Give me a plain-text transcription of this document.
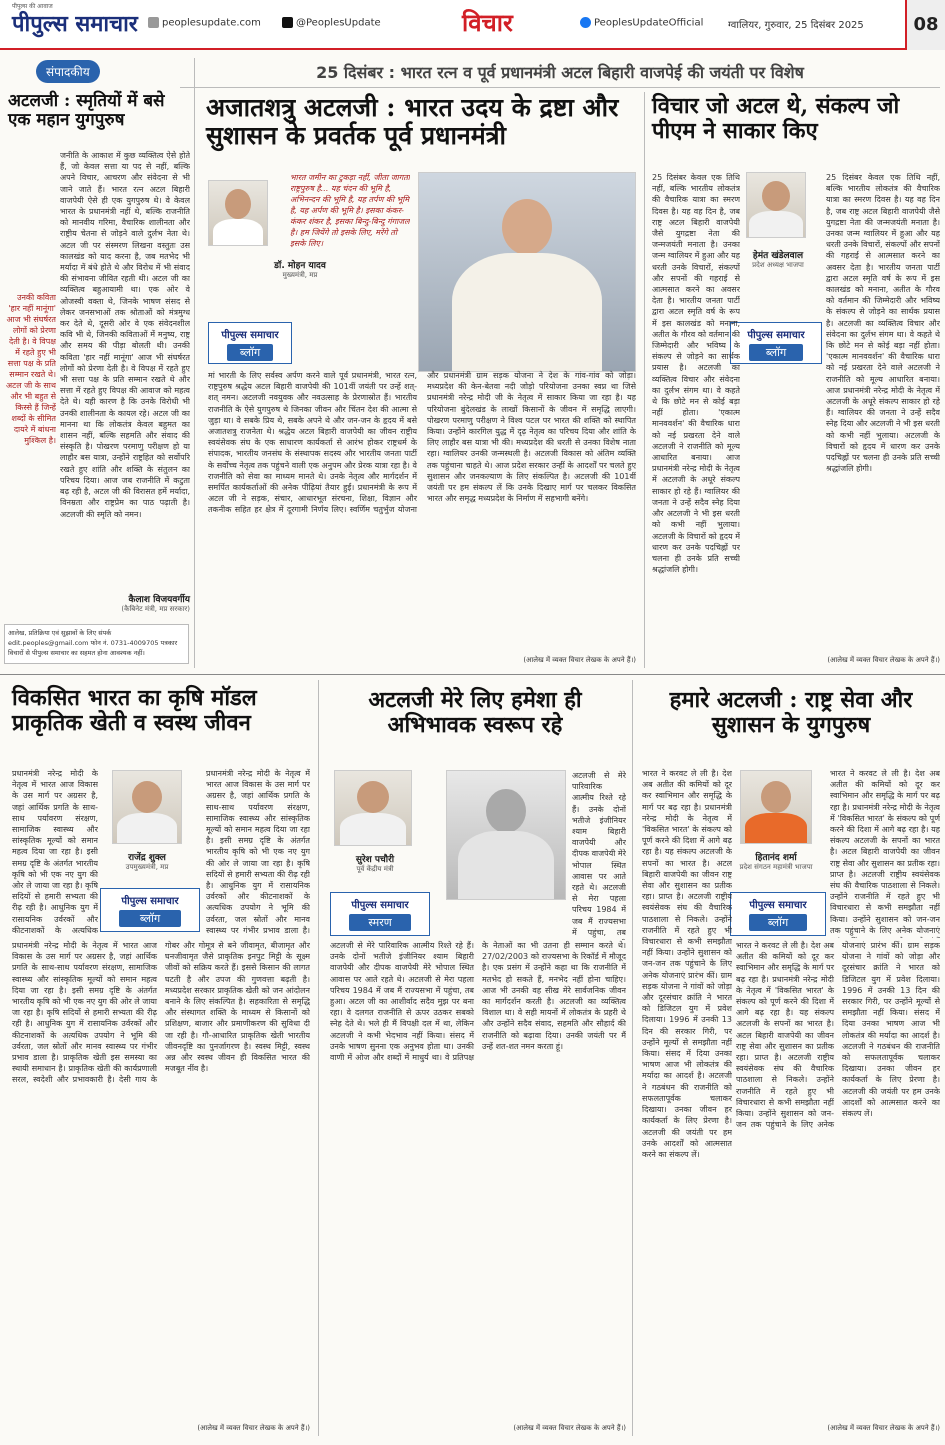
पीपुल्स की आवाज
पीपुल्स समाचार	peoplesupdate.com	@PeoplesUpdate	विचार	PeoplesUpdateOfficial ग्वालियर, गुरुवार, 25 दिसंबर 2025	08
संपादकीय	25 दिसंबर : भारत रत्न व पूर्व प्रधानमंत्री अटल बिहारी वाजपेई की जयंती पर विशेष
अटलजी : स्मृतियों में बसे एक महान युगपुरुष
उनकी कविता 'हार नहीं मानूंगा' आज भी संघर्षरत लोगों को प्रेरणा देती है। वे विपक्ष में रहते हुए भी सत्ता पक्ष के प्रति सम्मान रखते थे। अटल जी के साथ और भी बहुत से किस्से हैं जिन्हें शब्दों के सीमित दायरे में बांधना मुश्किल है।
जनीति के आकाश में कुछ व्यक्तित्व ऐसे होते हैं, जो केवल सत्ता या पद से नहीं, बल्कि अपने विचार, आचरण और संवेदना से भी जाने जाते हैं। भारत रत्न अटल बिहारी वाजपेयी ऐसे ही एक युगपुरुष थे। वे केवल भारत के प्रधानमंत्री नहीं थे, बल्कि राजनीति को मानवीय गरिमा, वैचारिक शालीनता और राष्ट्रीय चेतना से जोड़ने वाले दुर्लभ नेता थे। अटल जी पर संस्मरण लिखना वस्तुतः उस कालखंड को याद करना है, जब मतभेद भी मर्यादा में बंधे होते थे और विरोध में भी संवाद की संभावना जीवित रहती थी। अटल जी का व्यक्तित्व बहुआयामी था। एक ओर वे ओजस्वी वक्ता थे, जिनके भाषण संसद से लेकर जनसभाओं तक श्रोताओं को मंत्रमुग्ध कर देते थे, दूसरी ओर वे एक संवेदनशील कवि भी थे, जिनकी कविताओं में मनुष्य, राष्ट्र और समय की पीड़ा बोलती थी। उनकी कविता 'हार नहीं मानूंगा' आज भी संघर्षरत लोगों को प्रेरणा देती है। वे विपक्ष में रहते हुए भी सत्ता पक्ष के प्रति सम्मान रखते थे और सत्ता में रहते हुए विपक्ष की आवाज को महत्व देते थे। यही कारण है कि उनके विरोधी भी उनकी शालीनता के कायल रहे। अटल जी का मानना था कि लोकतंत्र केवल बहुमत का शासन नहीं, बल्कि सहमति और संवाद की संस्कृति है। पोखरण परमाणु परीक्षण हो या लाहौर बस यात्रा, उन्होंने राष्ट्रहित को सर्वोपरि रखते हुए शांति और शक्ति के संतुलन का परिचय दिया। आज जब राजनीति में कटुता बढ़ रही है, अटल जी की विरासत हमें मर्यादा, विनम्रता और राष्ट्रप्रेम का पाठ पढ़ाती है। अटलजी की स्मृति को नमन।
कैलाश विजयवर्गीय
(कैबिनेट मंत्री, मप्र सरकार)
आलेख, प्रतिक्रिया एवं सुझावों के लिए संपर्क edit.peoples@gmail.com फोन नं. 0731-4009705 पत्रकार विचारों से पीपुल्स समाचार का सहमत होना आवश्यक नहीं।
अजातशत्रु अटलजी : भारत उदय के द्रष्टा और सुशासन के प्रवर्तक पूर्व प्रधानमंत्री
डॉ. मोहन यादव
मुख्यमंत्री, मप्र
भारत जमीन का टुकड़ा नहीं, जीता जागता राष्ट्रपुरुष है... यह चंदन की भूमि है, अभिनन्दन की भूमि है, यह तर्पण की भूमि है, यह अर्पण की भूमि है। इसका कंकर-कंकर शंकर है, इसका बिन्दु-बिन्दु गंगाजल है। हम जियेंगे तो इसके लिए, मरेंगे तो इसके लिए।
पीपुल्स समाचार
ब्लॉग
मां भारती के लिए सर्वस्व अर्पण करने वाले पूर्व प्रधानमंत्री, भारत रत्न, राष्ट्रपुरुष श्रद्धेय अटल बिहारी वाजपेयी की 101वीं जयंती पर उन्हें शत्-शत् नमन। अटलजी नवयुवक और नवउत्साह के प्रेरणास्रोत हैं। भारतीय राजनीति के ऐसे युगपुरुष थे जिनका जीवन और चिंतन देश की आत्मा से जुड़ा था। वे सबके प्रिय थे, सबके अपने थे और जन-जन के हृदय में बसे अजातशत्रु राजनेता थे। श्रद्धेय अटल बिहारी वाजपेयी का जीवन राष्ट्रीय स्वयंसेवक संघ के एक साधारण कार्यकर्ता से आरंभ होकर राष्ट्रधर्म के संपादक, भारतीय जनसंघ के संस्थापक सदस्य और भारतीय जनता पार्टी के सर्वोच्च नेतृत्व तक पहुंचने वाली एक अनुपम और प्रेरक यात्रा रहा है। वे राजनीति को सेवा का माध्यम मानते थे। उनके नेतृत्व और मार्गदर्शन में समर्पित कार्यकर्ताओं की अनेक पीढ़ियां तैयार हुईं। प्रधानमंत्री के रूप में अटल जी ने सड़क, संचार, आधारभूत संरचना, शिक्षा, विज्ञान और तकनीक सहित हर क्षेत्र में दूरगामी निर्णय लिए। स्वर्णिम चतुर्भुज योजना और प्रधानमंत्री ग्राम सड़क योजना ने देश के गांव-गांव को जोड़ा। मध्यप्रदेश की केन-बेतवा नदी जोड़ो परियोजना उनका स्वप्न था जिसे प्रधानमंत्री नरेन्द्र मोदी जी के नेतृत्व में साकार किया जा रहा है। यह परियोजना बुंदेलखंड के लाखों किसानों के जीवन में समृद्धि लाएगी। पोखरण परमाणु परीक्षण ने विश्व पटल पर भारत की शक्ति को स्थापित किया। उन्होंने कारगिल युद्ध में दृढ़ नेतृत्व का परिचय दिया और शांति के लिए लाहौर बस यात्रा भी की। मध्यप्रदेश की धरती से उनका विशेष नाता रहा। ग्वालियर उनकी जन्मस्थली है। अटलजी विकास को अंतिम व्यक्ति तक पहुंचाना चाहते थे। आज प्रदेश सरकार उन्हीं के आदर्शों पर चलते हुए सुशासन और जनकल्याण के लिए संकल्पित है। अटलजी की 101वीं जयंती पर हम संकल्प लें कि उनके दिखाए मार्ग पर चलकर विकसित भारत और समृद्ध मध्यप्रदेश के निर्माण में सहभागी बनेंगे।
(आलेख में व्यक्त विचार लेखक के अपने हैं।)
विचार जो अटल थे, संकल्प जो पीएम ने साकार किए
हेमंत खंडेलवाल
प्रदेश अध्यक्ष भाजपा
पीपुल्स समाचार
ब्लॉग
25 दिसंबर केवल एक तिथि नहीं, बल्कि भारतीय लोकतंत्र की वैचारिक यात्रा का स्मरण दिवस है। यह वह दिन है, जब राष्ट्र अटल बिहारी वाजपेयी जैसे युगद्रष्टा नेता की जन्मजयंती मनाता है। उनका जन्म ग्वालियर में हुआ और यह धरती उनके विचारों, संकल्पों और सपनों की गहराई से आत्मसात करने का अवसर देता है। भारतीय जनता पार्टी द्वारा अटल स्मृति वर्ष के रूप में इस कालखंड को मनाना, अतीत के गौरव को वर्तमान की जिम्मेदारी और भविष्य के संकल्प से जोड़ने का सार्थक प्रयास है। अटलजी का व्यक्तित्व विचार और संवेदना का दुर्लभ संगम था। वे कहते थे कि छोटे मन से कोई बड़ा नहीं होता। 'एकात्म मानववर्शन' की वैचारिक धारा को नई प्रखरता देने वाले अटलजी ने राजनीति को मूल्य आधारित बनाया। आज प्रधानमंत्री नरेन्द्र मोदी के नेतृत्व में अटलजी के अधूरे संकल्प साकार हो रहे हैं। ग्वालियर की जनता ने उन्हें सदैव स्नेह दिया और अटलजी ने भी इस धरती को कभी नहीं भुलाया। अटलजी के विचारों को हृदय में धारण कर उनके पदचिह्नों पर चलना ही उनके प्रति सच्ची श्रद्धांजलि होगी।
25 दिसंबर केवल एक तिथि नहीं, बल्कि भारतीय लोकतंत्र की वैचारिक यात्रा का स्मरण दिवस है। यह वह दिन है, जब राष्ट्र अटल बिहारी वाजपेयी जैसे युगद्रष्टा नेता की जन्मजयंती मनाता है। उनका जन्म ग्वालियर में हुआ और यह धरती उनके विचारों, संकल्पों और सपनों की गहराई से आत्मसात करने का अवसर देता है। भारतीय जनता पार्टी द्वारा अटल स्मृति वर्ष के रूप में इस कालखंड को मनाना, अतीत के गौरव को वर्तमान की जिम्मेदारी और भविष्य के संकल्प से जोड़ने का सार्थक प्रयास है। अटलजी का व्यक्तित्व विचार और संवेदना का दुर्लभ संगम था। वे कहते थे कि छोटे मन से कोई बड़ा नहीं होता। 'एकात्म मानववर्शन' की वैचारिक धारा को नई प्रखरता देने वाले अटलजी ने राजनीति को मूल्य आधारित बनाया। आज प्रधानमंत्री नरेन्द्र मोदी के नेतृत्व में अटलजी के अधूरे संकल्प साकार हो रहे हैं। ग्वालियर की जनता ने उन्हें सदैव स्नेह दिया और अटलजी ने भी इस धरती को कभी नहीं भुलाया। अटलजी के विचारों को हृदय में धारण कर उनके पदचिह्नों पर चलना ही उनके प्रति सच्ची श्रद्धांजलि होगी।
(आलेख में व्यक्त विचार लेखक के अपने हैं।)
विकसित भारत का कृषि मॉडल प्राकृतिक खेती व स्वस्थ जीवन
राजेंद्र शुक्ल
उपमुख्यमंत्री, मप्र
पीपुल्स समाचार
ब्लॉग
प्रधानमंत्री नरेन्द्र मोदी के नेतृत्व में भारत आज विकास के उस मार्ग पर अग्रसर है, जहां आर्थिक प्रगति के साथ-साथ पर्यावरण संरक्षण, सामाजिक स्वास्थ्य और सांस्कृतिक मूल्यों को समान महत्व दिया जा रहा है। इसी समग्र दृष्टि के अंतर्गत भारतीय कृषि को भी एक नए युग की ओर ले जाया जा रहा है। कृषि सदियों से हमारी सभ्यता की रीढ़ रही है। आधुनिक युग में रासायनिक उर्वरकों और कीटनाशकों के अत्यधिक
प्रधानमंत्री नरेन्द्र मोदी के नेतृत्व में भारत आज विकास के उस मार्ग पर अग्रसर है, जहां आर्थिक प्रगति के साथ-साथ पर्यावरण संरक्षण, सामाजिक स्वास्थ्य और सांस्कृतिक मूल्यों को समान महत्व दिया जा रहा है। इसी समग्र दृष्टि के अंतर्गत भारतीय कृषि को भी एक नए युग की ओर ले जाया जा रहा है। कृषि सदियों से हमारी सभ्यता की रीढ़ रही है। आधुनिक युग में रासायनिक उर्वरकों और कीटनाशकों के अत्यधिक उपयोग ने भूमि की उर्वरता, जल स्रोतों और मानव स्वास्थ्य पर गंभीर प्रभाव डाला है।
प्रधानमंत्री नरेन्द्र मोदी के नेतृत्व में भारत आज विकास के उस मार्ग पर अग्रसर है, जहां आर्थिक प्रगति के साथ-साथ पर्यावरण संरक्षण, सामाजिक स्वास्थ्य और सांस्कृतिक मूल्यों को समान महत्व दिया जा रहा है। इसी समग्र दृष्टि के अंतर्गत भारतीय कृषि को भी एक नए युग की ओर ले जाया जा रहा है। कृषि सदियों से हमारी सभ्यता की रीढ़ रही है। आधुनिक युग में रासायनिक उर्वरकों और कीटनाशकों के अत्यधिक उपयोग ने भूमि की उर्वरता, जल स्रोतों और मानव स्वास्थ्य पर गंभीर प्रभाव डाला है। प्राकृतिक खेती इस समस्या का स्थायी समाधान है। प्राकृतिक खेती की कार्यप्रणाली सरल, स्वदेशी और प्रभावकारी है। देसी गाय के गोबर और गोमूत्र से बने जीवामृत, बीजामृत और घनजीवामृत जैसे प्राकृतिक इनपुट मिट्टी के सूक्ष्म जीवों को सक्रिय करते हैं। इससे किसान की लागत घटती है और उपज की गुणवत्ता बढ़ती है। मध्यप्रदेश सरकार प्राकृतिक खेती को जन आंदोलन बनाने के लिए संकल्पित है। सहकारिता से समृद्धि और संस्थागत शक्ति के माध्यम से किसानों को प्रशिक्षण, बाजार और प्रमाणीकरण की सुविधा दी जा रही है। गौ-आधारित प्राकृतिक खेती भारतीय जीवनदृष्टि का पुनर्जागरण है। स्वस्थ मिट्टी, स्वस्थ अन्न और स्वस्थ जीवन ही विकसित भारत की मजबूत नींव है।
(आलेख में व्यक्त विचार लेखक के अपने हैं।)
अटलजी मेरे लिए हमेशा ही अभिभावक स्वरूप रहे
सुरेश पचौरी
पूर्व केंद्रीय मंत्री
पीपुल्स समाचार
स्मरण
अटलजी से मेरे पारिवारिक आत्मीय रिश्ते रहे हैं। उनके दोनों भतीजे इंजीनियर श्याम बिहारी वाजपेयी और दीपक वाजपेयी मेरे भोपाल स्थित आवास पर आते रहते थे। अटलजी से मेरा पहला परिचय 1984 में जब मैं राज्यसभा में पहुंचा, तब
अटलजी से मेरे पारिवारिक आत्मीय रिश्ते रहे हैं। उनके दोनों भतीजे इंजीनियर श्याम बिहारी वाजपेयी और दीपक वाजपेयी मेरे भोपाल स्थित आवास पर आते रहते थे। अटलजी से मेरा पहला परिचय 1984 में जब मैं राज्यसभा में पहुंचा, तब हुआ। अटल जी का आशीर्वाद सदैव मुझ पर बना रहा। वे दलगत राजनीति से ऊपर उठकर सबको स्नेह देते थे। भले ही मैं विपक्षी दल में था, लेकिन अटलजी ने कभी भेदभाव नहीं किया। संसद में उनके भाषण सुनना एक अनुभव होता था। उनकी वाणी में ओज और शब्दों में माधुर्य था। वे प्रतिपक्ष के नेताओं का भी उतना ही सम्मान करते थे। 27/02/2003 को राज्यसभा के रिकॉर्ड में मौजूद है। एक प्रसंग में उन्होंने कहा था कि राजनीति में मतभेद हो सकते हैं, मनभेद नहीं होना चाहिए। आज भी उनकी वह सीख मेरे सार्वजनिक जीवन का मार्गदर्शन करती है। अटलजी का व्यक्तित्व विशाल था। वे सही मायनों में लोकतंत्र के प्रहरी थे और उन्होंने सदैव संवाद, सहमति और सौहार्द की राजनीति को बढ़ावा दिया। उनकी जयंती पर मैं उन्हें शत-शत नमन करता हूं।
(आलेख में व्यक्त विचार लेखक के अपने हैं।)
हमारे अटलजी : राष्ट्र सेवा और सुशासन के युगपुरुष
हितानंद शर्मा
प्रदेश संगठन महामंत्री भाजपा
पीपुल्स समाचार
ब्लॉग
भारत ने करवट ले ली है। देश अब अतीत की कमियों को दूर कर स्वाभिमान और समृद्धि के मार्ग पर बढ़ रहा है। प्रधानमंत्री नरेन्द्र मोदी के नेतृत्व में 'विकसित भारत' के संकल्प को पूर्ण करने की दिशा में आगे बढ़ रहा है। यह संकल्प अटलजी के सपनों का भारत है। अटल बिहारी वाजपेयी का जीवन राष्ट्र सेवा और सुशासन का प्रतीक रहा। प्राप्त है। अटलजी राष्ट्रीय स्वयंसेवक संघ की वैचारिक पाठशाला से निकले। उन्होंने राजनीति में रहते हुए भी विचारधारा से कभी समझौता नहीं किया। उन्होंने सुशासन को जन-जन तक पहुंचाने के लिए अनेक योजनाएं प्रारंभ कीं। ग्राम सड़क योजना ने गांवों को जोड़ा और दूरसंचार क्रांति ने भारत को डिजिटल युग में प्रवेश दिलाया। 1996 में उनकी 13 दिन की सरकार गिरी, पर उन्होंने मूल्यों से समझौता नहीं किया। संसद में दिया उनका भाषण आज भी लोकतंत्र की मर्यादा का आदर्श है। अटलजी ने गठबंधन की राजनीति को सफलतापूर्वक चलाकर दिखाया। उनका जीवन हर कार्यकर्ता के लिए प्रेरणा है। अटलजी की जयंती पर हम उनके आदर्शों को आत्मसात करने का संकल्प लें।
भारत ने करवट ले ली है। देश अब अतीत की कमियों को दूर कर स्वाभिमान और समृद्धि के मार्ग पर बढ़ रहा है। प्रधानमंत्री नरेन्द्र मोदी के नेतृत्व में 'विकसित भारत' के संकल्प को पूर्ण करने की दिशा में आगे बढ़ रहा है। यह संकल्प अटलजी के सपनों का भारत है। अटल बिहारी वाजपेयी का जीवन राष्ट्र सेवा और सुशासन का प्रतीक रहा। प्राप्त है। अटलजी राष्ट्रीय स्वयंसेवक संघ की वैचारिक पाठशाला से निकले। उन्होंने राजनीति में रहते हुए भी विचारधारा से कभी समझौता नहीं किया। उन्होंने सुशासन को जन-जन तक पहुंचाने के लिए अनेक योजनाएं
भारत ने करवट ले ली है। देश अब अतीत की कमियों को दूर कर स्वाभिमान और समृद्धि के मार्ग पर बढ़ रहा है। प्रधानमंत्री नरेन्द्र मोदी के नेतृत्व में 'विकसित भारत' के संकल्प को पूर्ण करने की दिशा में आगे बढ़ रहा है। यह संकल्प अटलजी के सपनों का भारत है। अटल बिहारी वाजपेयी का जीवन राष्ट्र सेवा और सुशासन का प्रतीक रहा। प्राप्त है। अटलजी राष्ट्रीय स्वयंसेवक संघ की वैचारिक पाठशाला से निकले। उन्होंने राजनीति में रहते हुए भी विचारधारा से कभी समझौता नहीं किया। उन्होंने सुशासन को जन-जन तक पहुंचाने के लिए अनेक योजनाएं प्रारंभ कीं। ग्राम सड़क योजना ने गांवों को जोड़ा और दूरसंचार क्रांति ने भारत को डिजिटल युग में प्रवेश दिलाया। 1996 में उनकी 13 दिन की सरकार गिरी, पर उन्होंने मूल्यों से समझौता नहीं किया। संसद में दिया उनका भाषण आज भी लोकतंत्र की मर्यादा का आदर्श है। अटलजी ने गठबंधन की राजनीति को सफलतापूर्वक चलाकर दिखाया। उनका जीवन हर कार्यकर्ता के लिए प्रेरणा है। अटलजी की जयंती पर हम उनके आदर्शों को आत्मसात करने का संकल्प लें।
(आलेख में व्यक्त विचार लेखक के अपने हैं।)
